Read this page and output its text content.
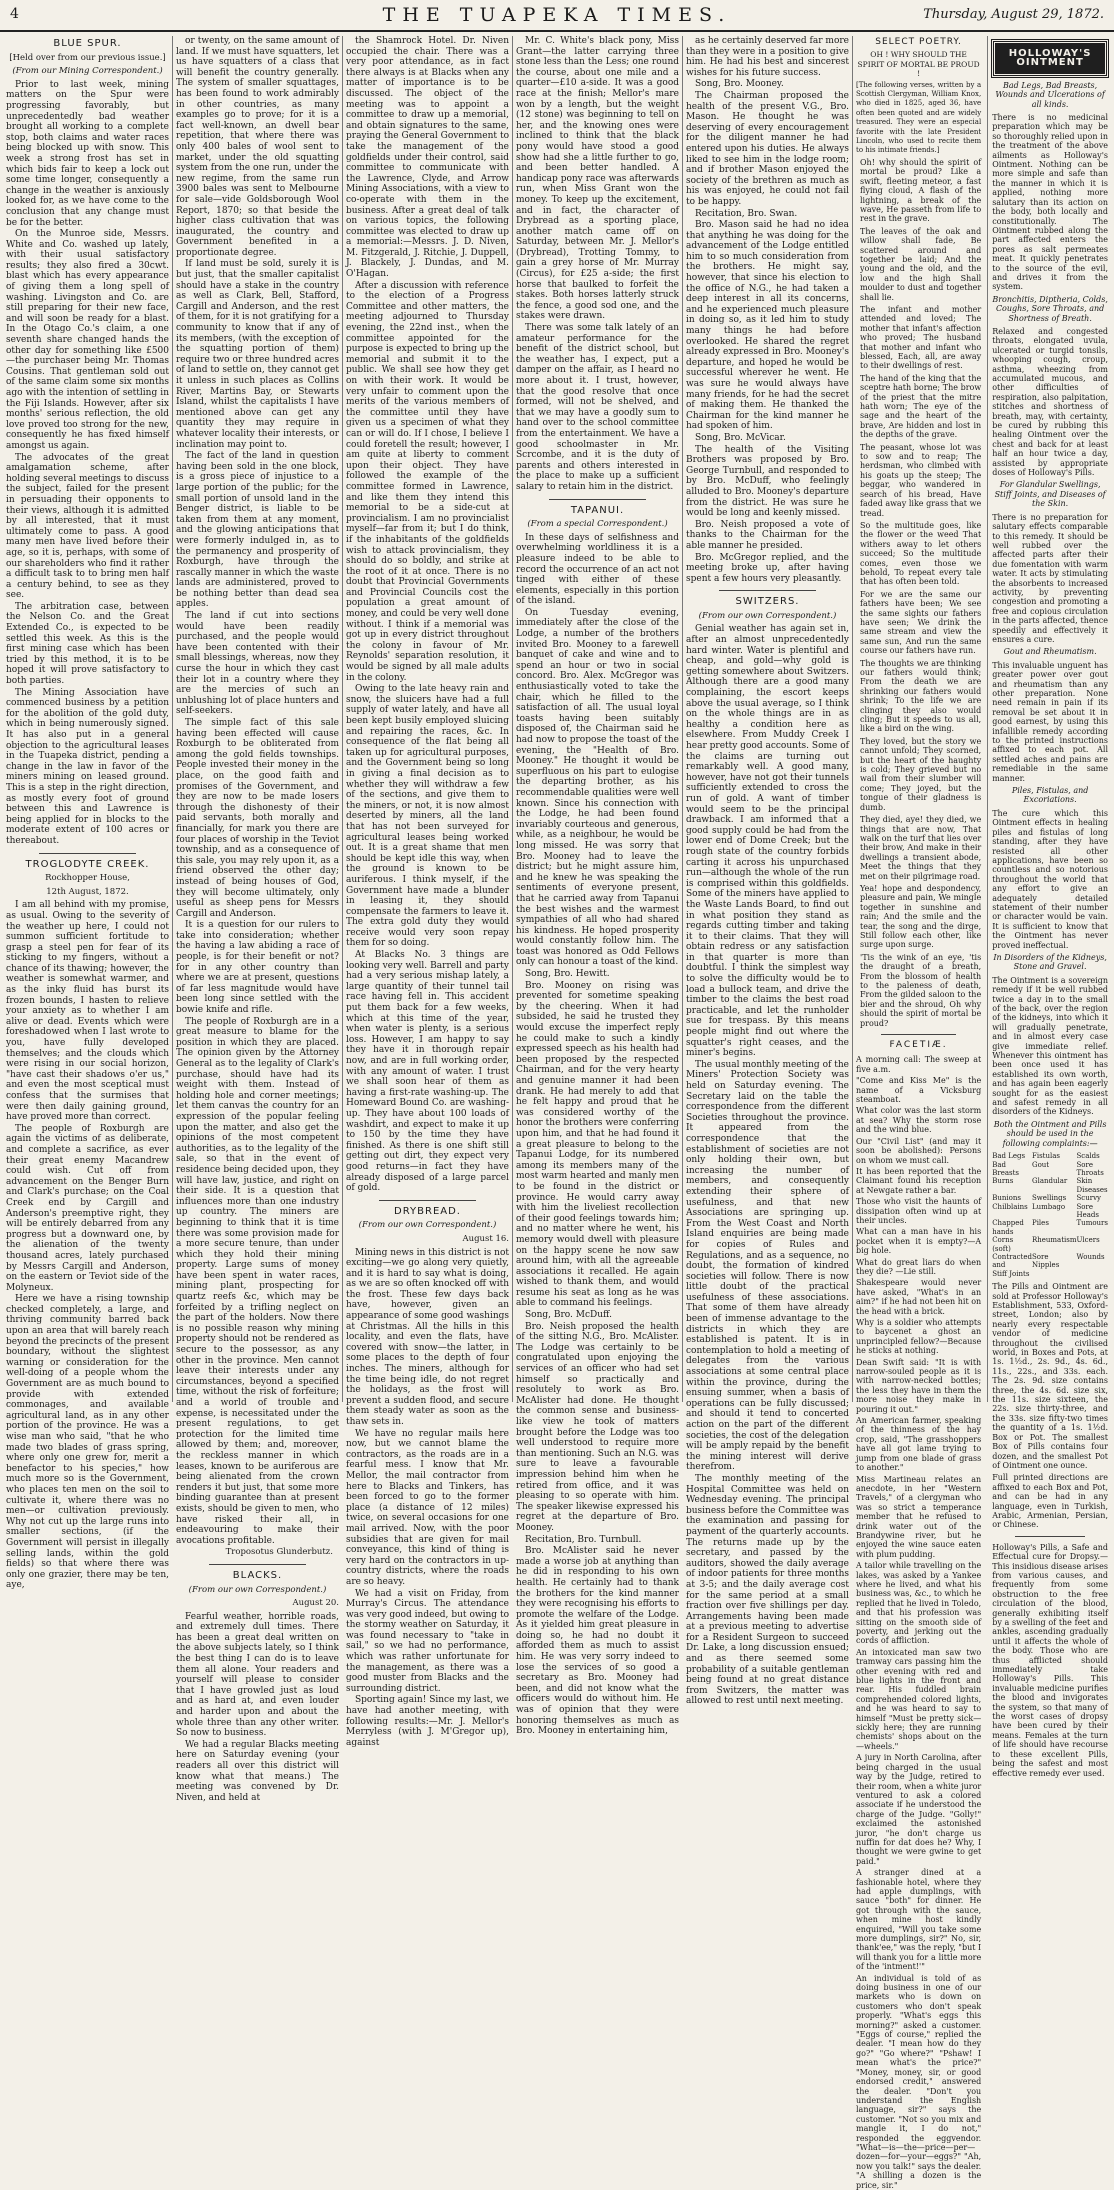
4	THE TUAPEKA TIMES.	Thursday, August 29, 1872.
BLUE SPUR.
[Held over from our previous issue.]
(From our Mining Correspondent.)

Prior to last week, mining matters on the Spur were progressing favorably, but unprecedentedly bad weather brought all working to a complete stop, both claims and water races being blocked up with snow. This week a strong frost has set in which bids fair to keep a lock out some time longer, consequently a change in the weather is anxiously looked for, as we have come to the conclusion that any change must be for the better.

On the Munroe side, Messrs. White and Co. washed up lately, with their usual satisfactory results; they also fired a 30cwt. blast which has every appearance of giving them a long spell of washing. Livingston and Co. are still preparing for their new face, and will soon be ready for a blast. In the Otago Co.'s claim, a one seventh share changed hands the other day for something like £500—the purchaser being Mr. Thomas Cousins. That gentleman sold out of the same claim some six months ago with the intention of settling in the Fiji Islands. However, after six months' serious reflection, the old love proved too strong for the new, consequently he has fixed himself amongst us again.

The advocates of the great amalgamation scheme, after holding several meetings to discuss the subject, failed for the present in persuading their opponents to their views, although it is admitted by all interested, that it must ultimately come to pass. A good many men have lived before their age, so it is, perhaps, with some of our shareholders who find it rather a difficult task to to bring men half a century behind, to see as they see.

The arbitration case, between the Nelson Co. and the Great Extended Co., is expected to be settled this week. As this is the first mining case which has been tried by this method, it is to be hoped it will prove satisfactory to both parties.

The Mining Association have commenced business by a petition for the abolition of the gold duty, which in being numerously signed. It has also put in a general objection to the agricultural leases in the Tuapeka district, pending a change in the law in favor of the miners mining on leased ground. This is a step in the right direction, as mostly every foot of ground between this and Lawrence is being applied for in blocks to the moderate extent of 100 acres or thereabout.

TROGLODYTE CREEK.
Rockhopper House,
12th August, 1872.

I am all behind with my promise, as usual. Owing to the severity of the weather up here, I could not summon sufficient fortitude to grasp a steel pen for fear of its sticking to my fingers, without a chance of its thawing; however, the weather is somewhat warmer, and as the inky fluid has burst its frozen bounds, I hasten to relieve your anxiety as to whether I am alive or dead. Events which were foreshadowed when I last wrote to you, have fully developed themselves; and the clouds which were rising in our social horizon, "have cast their shadows o'er us," and even the most sceptical must confess that the surmises that were then daily gaining ground, have proved more than correct.

The people of Roxburgh are again the victims of as deliberate, and complete a sacrifice, as ever their great enemy Macandrew could wish. Cut off from advancement on the Benger Burn and Clark's purchase; on the Coal Creek end by Cargill and Anderson's preemptive right, they will be entirely debarred from any progress but a downward one, by the alienation of the twenty thousand acres, lately purchased by Messrs Cargill and Anderson, on the eastern or Teviot side of the Molyneux.

Here we have a rising township checked completely, a large, and thriving community barred back upon an area that will barely reach beyond the precincts of the present boundary, without the slightest warning or consideration for the well-doing of a people whom the Government are as much bound to provide with extended commonages, and available agricultural land, as in any other portion of the province. He was a wise man who said, "that he who made two blades of grass spring, where only one grew for, merit a benefactor to his species," how much more so is the Government, who places ten men on the soil to cultivate it, where there was no men—or cultivation previously. Why not cut up the large runs into smaller sections, (if the Government will persist in illegally selling lands, within the gold fields) so that where there was only one grazier, there may be ten, aye,

or twenty, on the same amount of land. If we must have squatters, let us have squatters of a class that will benefit the country generally. The system of smaller squattages, has been found to work admirably in other countries, as many examples go to prove; for it is a fact well-known, an dwell bear repetition, that where there was only 400 bales of wool sent to market, under the old squatting system from the one run, under the new regime, from the same run 3900 bales was sent to Melbourne for sale—vide Goldsborough Wool Report, 1870; so that beside the higher class cultivation that was inaugurated, the country and Government benefited in a proportionate degree.

If land must be sold, surely it is but just, that the smaller capitalist should have a stake in the country as well as Clark, Bell, Stafford, Cargill and Anderson, and the rest of them, for it is not gratifying for a community to know that if any of its members, (with the exception of the squatting portion of them) require two or three hundred acres of land to settle on, they cannot get it unless in such places as Collins River, Martins Bay, or Stewarts Island, whilst the capitalists I have mentioned above can get any quantity they may require in whatever locality their interests, or inclination may point to.

The fact of the land in question having been sold in the one block, is a gross piece of injustice to a large portion of the public; for the small portion of unsold land in the Benger district, is liable to be taken from them at any moment, and the glowing anticipations that were formerly indulged in, as to the permanency and prosperity of Roxburgh, have through the rascally manner in which the waste lands are administered, proved to be nothing better than dead sea apples.

The land if cut into sections would have been readily purchased, and the people would have been contented with their small blessings, whereas, now they curse the hour in which they cast their lot in a country where they are the mercies of such an unblushing lot of place hunters and self-seekers.

The simple fact of this sale having been effected will cause Roxburgh to be obliterated from among the gold fields townships. People invested their money in the place, on the good faith and promises of the Government, and they are now to be made losers through the dishonesty of their paid servants, both morally and financially, for mark you there are four places of worship in the Teviot township, and as a consequence of this sale, you may rely upon it, as a friend observed the other day; instead of being houses of God, they will become ultimately, only useful as sheep pens for Messrs Cargill and Anderson.

It is a question for our rulers to take into consideration; whether the having a law abiding a race of people, is for their benefit or not? for in any other country than where we are at present, questions of far less magnitude would have been long since settled with the bowie knife and rifle.

The people of Roxburgh are in a great measure to blame for the position in which they are placed. The opinion given by the Attorney General as to the legality of Clark's purchase, should have had its weight with them. Instead of holding hole and corner meetings; let them canvas the country for an expression of the popular feeling upon the matter, and also get the opinions of the most competent authorities, as to the legality of the sale, so that in the event of residence being decided upon, they will have law, justice, and right on their side. It is a question that influences more than one industry up country. The miners are beginning to think that it is time there was some provision made for a more secure tenure, than under which they hold their mining property. Large sums of money have been spent in water races, mining plant, prospecting for quartz reefs &c, which may be forfeited by a trifling neglect on the part of the holders. Now there is no possible reason why mining property should not be rendered as secure to the possessor, as any other in the province. Men cannot leave their interests under any circumstances, beyond a specified time, without the risk of forfeiture; and a world of trouble and expense, is necessitated under the present regulations, to get protection for the limited time allowed by them; and, moreover, the reckless manner in which leases, known to be auriferous are being alienated from the crown renders it but just, that some more binding guarantee than at present exists, should be given to men, who have risked their all, in endeavouring to make their avocations profitable.

Troposotus Glunderbutz.
BLACKS.
(From our own Correspondent.)
August 20.

Fearful weather, horrible roads, and extremely dull times. There has been a great deal written on the above subjects lately, so I think the best thing I can do is to leave them all alone. Your readers and yourself will please to consider that I have growled just as loud and as hard at, and even louder and harder upon and about the whole three than any other writer. So now to business.

We had a regular Blacks meeting here on Saturday evening (your readers all over this district will know what that means.) The meeting was convened by Dr. Niven, and held at

the Shamrock Hotel. Dr. Niven occupied the chair. There was a very poor attendance, as in fact there always is at Blacks when any matter of importance is to be discussed. The object of the meeting was to appoint a committee to draw up a memorial, and obtain signatures to the same, praying the General Government to take the management of the goldfields under their control, said committee to communicate with the Lawrence, Clyde, and Arrow Mining Associations, with a view to co-operate with them in the business. After a great deal of talk on various topics, the following committee was elected to draw up a memorial:—Messrs. J. D. Niven, M. Fitzgerald, J. Ritchie, J. Duppell, J. Blackely, J. Dundas, and M. O'Hagan.

After a discussion with reference to the election of a Progress Committee and other matters, the meeting adjourned to Thursday evening, the 22nd inst., when the committee appointed for the purpose is expected to bring up the memorial and submit it to the public. We shall see how they get on with their work. It would be very unfair to comment upon the merits of the various members of the committee until they have given us a specimen of what they can or will do. If I chose, I believe I could foretell the result; however, I am quite at liberty to comment upon their object. They have followed the example of the committee formed in Lawrence, and like them they intend this memorial to be a side-cut at provincialism. I am no provincialist myself—far from it; but I do think, if the inhabitants of the goldfields wish to attack provincialism, they should do so boldly, and strike at the root of it at once. There is no doubt that Provincial Governments and Provincial Councils cost the population a great amount of money, and could be very well done without. I think if a memorial was got up in every district throughout the colony in favour of Mr. Reynolds' separation resolution, it would be signed by all male adults in the colony.

Owing to the late heavy rain and snow, the sluicers have had a full supply of water lately, and have all been kept busily employed sluicing and repairing the races, &c. In consequence of the flat being all taken up for agricultural purposes, and the Government being so long in giving a final decision as to whether they will withdraw a few of the sections, and give them to the miners, or not, it is now almost deserted by miners, all the land that has not been surveyed for agricultural leases being worked out. It is a great shame that men should be kept idle this way, when the ground is known to be auriferous. I think myself, if the Government have made a blunder in leasing it, they should compensate the farmers to leave it. The extra gold duty they would receive would very soon repay them for so doing.

At Blacks No. 3 things are looking very well. Barrell and party had a very serious mishap lately, a large quantity of their tunnel tail race having fell in. This accident put them back for a few weeks, which at this time of the year, when water is plenty, is a serious loss. However, I am happy to say they have it in thorough repair now, and are in full working order, with any amount of water. I trust we shall soon hear of them as having a first-rate washing-up. The Homeward Bound Co. are washing-up. They have about 100 loads of washdirt, and expect to make it up to 150 by the time they have finished. As there is one shift still getting out dirt, they expect very good returns—in fact they have already disposed of a large parcel of gold.

DRYBREAD.
(From our own Correspondent.)
August 16.

Mining news in this district is not exciting—we go along very quietly, and it is hard to say what is doing, as we are so often knocked off with the frost. These few days back have, however, given an appearance of some good washings at Christmas. All the hills in this locality, and even the flats, have covered with snow—the latter, in some places to the depth of four inches. The miners, although for the time being idle, do not regret the holidays, as the frost will prevent a sudden flood, and secure them steady water as soon as the thaw sets in.

We have no regular mails here now, but we cannot blame the contractors, as the roads are in a fearful mess. I know that Mr. Mellor, the mail contractor from here to Blacks and Tinkers, has been forced to go to the former place (a distance of 12 miles) twice, on several occasions for one mail arrived. Now, with the poor subsidies that are given for mail conveyance, this kind of thing is very hard on the contractors in up-country districts, where the roads are so heavy.

We had a visit on Friday, from Murray's Circus. The attendance was very good indeed, but owing to the stormy weather on Saturday, it was found necessary to "take in sail," so we had no performance, which was rather unfortunate for the management, as there was a good muster from Blacks and the surrounding district.

Sporting again! Since my last, we have had another meeting, with following results:—Mr. J. Mellor's Merryless (with J. M'Gregor up), against

Mr. C. White's black pony, Miss Grant—the latter carrying three stone less than the Less; one round the course, about one mile and a quarter—£10 a-side. It was a good race at the finish; Mellor's mare won by a length, but the weight (12 stone) was beginning to tell on her, and the knowing ones were inclined to think that the black pony would have stood a good show had she a little further to go, and been better handled. A handicap pony race was afterwards run, when Miss Grant won the money. To keep up the excitement, and in fact, the character of Drybread as a sporting place, another match came off on Saturday, between Mr. J. Mellor's (Drybread), Trotting Tommy, to gain a grey horse of Mr. Murray (Circus), for £25 a-side; the first horse that baulked to forfeit the stakes. Both horses latterly struck the fence, a good sod one, and the stakes were drawn.

There was some talk lately of an amateur performance for the benefit of the district school, but the weather has, I expect, put a damper on the affair, as I heard no more about it. I trust, however, that the good resolve that once formed, will not be shelved, and that we may have a goodly sum to hand over to the school committee from the entertainment. We have a good schoolmaster in Mr. Scrcombe, and it is the duty of parents and others interested in the place to make up a sufficient salary to retain him in the district.

TAPANUI.
(From a special Correspondent.)

In these days of selfishness and overwhelming worldliness it is a pleasure indeed to be able to record the occurrence of an act not tinged with either of these elements, especially in this portion of the island.

On Tuesday evening, immediately after the close of the Lodge, a number of the brothers invited Bro. Mooney to a farewell banquet of cake and wine and to spend an hour or two in social concord. Bro. Alex. McGregor was enthusiastically voted to take the chair, which he filled to the satisfaction of all. The usual loyal toasts having been suitably disposed of, the Chairman said he had now to propose the toast of the evening, the "Health of Bro. Mooney." He thought it would be superfluous on his part to eulogise the departing brother, as his recommendable qualities were well known. Since his connection with the Lodge, he had been found invariably courteous and generous, while, as a neighbour, he would be long missed. He was sorry that Bro. Mooney had to leave the district; but he might assure him, and he knew he was speaking the sentiments of everyone present, that he carried away from Tapanui the best wishes and the warmest sympathies of all who had shared his kindness. He hoped prosperity would constantly follow him. The toast was honored as Odd Fellows only can honour a toast of the kind.

Song, Bro. Hewitt.

Bro. Mooney on rising was prevented for sometime speaking by the cheering. When it had subsided, he said he trusted they would excuse the imperfect reply he could make to such a kindly expressed speech as his health had been proposed by the respected Chairman, and for the very hearty and genuine manner it had been drank. He had merely to add that he felt happy and proud that he was considered worthy of the honor the brothers were conferring upon him, and that he had found it a great pleasure to belong to the Tapanui Lodge, for its numbered among its members many of the most warm hearted and manly men to be found in the district or province. He would carry away with him the liveliest recollection of their good feelings towards him; and no matter where he went, his memory would dwell with pleasure on the happy scene he now saw around him, with all the agreeable associations it recalled. He again wished to thank them, and would resume his seat as long as he was able to command his feelings.

Song, Bro. McDuff.

Bro. Neish proposed the health of the sitting N.G., Bro. McAlister. The Lodge was certainly to be congratulated upon enjoying the services of an officer who had set himself so practically and resolutely to work as Bro. McAlister had done. He thought the common sense and business-like view he took of matters brought before the Lodge was too well understood to require more than mentioning. Such an N.G. was sure to leave a favourable impression behind him when he retired from office, and it was pleasing to so operate with him. The speaker likewise expressed his regret at the departure of Bro. Mooney.

Recitation, Bro. Turnbull.

Bro. McAlister said he never made a worse job at anything than he did in responding to his own health. He certainly had to thank the brothers for the kind manner they were recognising his efforts to promote the welfare of the Lodge. As it yielded him great pleasure in doing so, he had no doubt it afforded them as much to assist him. He was very sorry indeed to lose the services of so good a secretary as Bro. Mooney had been, and did not know what the officers would do without him. He was of opinion that they were honoring themselves as much as Bro. Mooney in entertaining him,

as he certainly deserved far more than they were in a position to give him. He had his best and sincerest wishes for his future success.

Song, Bro. Mooney.

The Chairman proposed the health of the present V.G., Bro. Mason. He thought he was deserving of every encouragement for the diligent manner he had entered upon his duties. He always liked to see him in the lodge room; and if brother Mason enjoyed the society of the brethren as much as his was enjoyed, he could not fail to be happy.

Recitation, Bro. Swan.

Bro. Mason said he had no idea that anything he was doing for the advancement of the Lodge entitled him to so much consideration from the brothers. He might say, however, that since his election to the office of N.G., he had taken a deep interest in all its concerns, and he experienced much pleasure in doing so, as it led him to study many things he had before overlooked. He shared the regret already expressed in Bro. Mooney's departure, and hoped he would be successful wherever he went. He was sure he would always have many friends, for he had the secret of making them. He thanked the Chairman for the kind manner he had spoken of him.

Song, Bro. McVicar.

The health of the Visiting Brothers was proposed by Bro. George Turnbull, and responded to by Bro. McDuff, who feelingly alluded to Bro. Mooney's departure from the district. He was sure he would be long and keenly missed.

Bro. Neish proposed a vote of thanks to the Chairman for the able manner he presided.

Bro. McGregor replied, and the meeting broke up, after having spent a few hours very pleasantly.

SWITZERS.
(From our own Correspondent.)

Genial weather has again set in, after an almost unprecedentedly hard winter. Water is plentiful and cheap, and gold—why gold is getting somewhere about Switzers. Although there are a good many complaining, the escort keeps above the usual average, so I think on the whole things are in as healthy a condition here as elsewhere. From Muddy Creek I hear pretty good accounts. Some of the claims are turning out remarkably well. A good many, however, have not got their tunnels sufficiently extended to cross the run of gold. A want of timber would seem to be the principal drawback. I am informed that a good supply could be had from the lower end of Dome Creek; but the rough state of the country forbids carting it across his unpurchased run—although the whole of the run is comprised within this goldfields. Some of the miners have applied to the Waste Lands Board, to find out in what position they stand as regards cutting timber and taking it to their claims. That they will obtain redress or any satisfaction in that quarter is more than doubtful. I think the simplest way to solve the difficulty would be to load a bullock team, and drive the timber to the claims the best road practicable, and let the runholder sue for trespass. By this means people might find out where the squatter's right ceases, and the miner's begins.

The usual monthly meeting of the Miners' Protection Society was held on Saturday evening. The Secretary laid on the table the correspondence from the different Societies throughout the province. It appeared from the correspondence that the establishment of societies are not only holding their own, but increasing the number of members, and consequently extending their sphere of usefulness, and that new Associations are springing up. From the West Coast and North Island enquiries are being made for copies of Rules and Regulations, and as a sequence, no doubt, the formation of kindred societies will follow. There is now little doubt of the practical usefulness of these associations. That some of them have already been of immense advantage to the districts in which they are established is patent. It is in contemplation to hold a meeting of delegates from the various associations at some central place within the province, during the ensuing summer, when a basis of operations can be fully discussed; and should it tend to concerted action on the part of the different societies, the cost of the delegation will be amply repaid by the benefit the mining interest will derive therefrom.

The monthly meeting of the Hospital Committee was held on Wednesday evening. The principal business before the Committee was the examination and passing for payment of the quarterly accounts. The returns made up by the secretary, and passed by the auditors, showed the daily average of indoor patients for three months at 3-5; and the daily average cost for the same period at a small fraction over five shillings per day. Arrangements having been made at a previous meeting to advertise for a Resident Surgeon to succeed Dr. Lake, a long discussion ensued; and as there seemed some probability of a suitable gentleman being found at no great distance from Switzers, the matter was allowed to rest until next meeting.

SELECT POETRY.
OH ! WHY SHOULD THE SPIRIT OF MORTAL BE PROUD !
[The following verses, written by a Scottish Clergyman, William Knox, who died in 1825, aged 36, have often been quoted and are widely treasured. They were an especial favorite with the late President Lincoln, who used to recite them to his intimate friends.]
Oh! why should the spirit of mortal be proud? Like a swift, fleeting meteor, a fast flying cloud, A flash of the lightning, a break of the wave, He passeth from life to rest in the grave.
The leaves of the oak and willow shall fade, Be scattered around and together be laid; And the young and the old, and the low and the high Shall moulder to dust and together shall lie.
The infant and mother attended and loved; The mother that infant's affection who proved; The husband that mother and infant who blessed, Each, all, are away to their dwellings of rest.
The hand of the king that the sceptre hath borne; The brow of the priest that the mitre hath worn; The eye of the sage and the heart of the brave, Are hidden and lost in the depths of the grave.
The peasant, whose lot was to sow and to reap; The herdsman, who climbed with his goats up the steep; The beggar, who wandered in search of his bread, Have faded away like grass that we tread.
So the multitude goes, like the flower or the weed That withers away to let others succeed; So the multitude comes, even those we behold, To repeat every tale that has often been told.
For we are the same our fathers have been; We see the same sights our fathers have seen; We drink the same stream and view the same sun, And run the same course our fathers have run.
The thoughts we are thinking our fathers would think; From the death we are shrinking our fathers would shrink; To the life we are clinging they also would cling; But it speeds to us all, like a bird on the wing.
They loved, but the story we cannot unfold; They scorned, but the heart of the haughty is cold; They grieved but no wail from their slumber will come; They joyed, but the tongue of their gladness is dumb.
They died, aye! they died, we things that are now, That walk on the turf that lies over their brow, And make in their dwellings a transient abode, Meet the things that they met on their pilgrimage road.
Yea! hope and despondency, pleasure and pain, We mingle together in sunshine and rain; And the smile and the tear, the song and the dirge, Still follow each other, like surge upon surge.
'Tis the wink of an eye, 'tis the draught of a breath, From the blossom of health to the paleness of death, From the gilded saloon to the bier and the shroud, Oh why should the spirit of mortal be proud?
FACETIÆ.
A morning call: The sweep at five a.m.
"Come and Kiss Me" is the name of a Vicksburg steamboat.
What color was the last storm at sea? Why the storm rose and the wind blue.
Our "Civil List" (and may it soon be abolished): Persons on whom we must call.
It has been reported that the Claimant found his reception at Newgate rather a bar.
Those who visit the haunts of dissipation often wind up at their uncles.
What can a man have in his pocket when it is empty?—A big hole.
What do great liars do when they die? —Lie still.
Shakespeare would never have asked, "What's in an aim?" if he had not been hit on the head with a brick.
Why is a soldier who attempts to baycenet a ghost an unprincipled fellow?—Because he sticks at nothing.
Dean Swift said: "It is with narrow-souled people as it is with narrow-necked bottles; the less they have in them the more noise they make in pouring it out."
An American farmer, speaking of the thinness of the hay crop, said, "The grasshoppers have all got lame trying to jump from one blade of grass to another."
Miss Martineau relates an anecdote, in her "Western Travels," of a clergyman who was so strict a temperance member that he refused to drink water out of the Brandywine river, but he enjoyed the wine sauce eaten with plum pudding.
A tailor while travelling on the lakes, was asked by a Yankee where he lived, and what his business was, &c., to which he replied that he lived in Toledo, and that his profession was sitting on the smooth side of poverty, and jerking out the cords of affliction.
An intoxicated man saw two tramway cars passing him the other evening with red and blue lights in the front and rear. His fuddled brain comprehended colored lights, and he was heard to say to himself "Must be pretty sick—sickly here; they are running chemists' shops about on the—wheels."
A jury in North Carolina, after being charged in the usual way by the Judge, retired to their room, when a white juror ventured to ask a colored associate if he understood the charge of the Judge. "Golly!" exclaimed the astonished juror, "he don't charge us nuffin for dat does he? Why, I thought we were gwine to get paid."
A stranger dined at a fashionable hotel, where they had apple dumplings, with sauce "both" for dinner. He got through with the sauce, when mine host kindly enquired, "Will you take some more dumplings, sir?" No, sir, thank'ee," was the reply, "but I will thank you for a little more of the 'intment!'"
An individual is told of as doing business in one of our markets who is down on customers who don't speak properly. "What's eggs this morning?" asked a customer. "Eggs of course," replied the dealer. "I mean how do they go?" "Go where?" "Pshaw! I mean what's the price?" "Money, money, sir, or good endorsed credit," answered the dealer. "Don't you understand the English language, sir?" says the customer. "Not so you mix and mangle it, I do not," responded the eggvendor. "What—is—the—price—per—dozen—for—your—eggs?" "Ah, now you talk!" says the dealer. "A shilling a dozen is the price, sir."
HOLLOWAY'S OINTMENT
Bad Legs, Bad Breasts, Wounds and Ulcerations of all kinds.
There is no medicinal preparation which may be so thoroughly relied upon in the treatment of the above ailments as Holloway's Ointment. Nothing can be more simple and safe than the manner in which it is applied, nothing more salutary than its action on the body, both locally and constitutionally. The Ointment rubbed along the part affected enters the pores as salt permeates meat. It quickly penetrates to the source of the evil, and drives it from the system.
Bronchitis, Diptheria, Colds, Coughs, Sore Throats, and Shortness of Breath.
Relaxed and congested throats, elongated uvula, ulcerated or turgid tonsils, whooping cough, croup, asthma, wheezing from accumulated mucous, and other difficulties of respiration, also palpitation, stitches and shortness of breath, may, with certainty, be cured by rubbing this healing Ointment over the chest and back for at least half an hour twice a day, assisted by appropriate doses of Holloway's Pills.
For Glandular Swellings, Stiff Joints, and Diseases of the Skin.
There is no preparation for salutary effects comparable to this remedy. It should be well rubbed over the affected parts after their due fomentation with warm water. It acts by stimulating the absorbents to increased activity, by preventing congestion and promoting a free and copious circulation in the parts affected, thence speedily and effectively it ensures a cure.
Gout and Rheumatism.
This invaluable unguent has greater power over gout and rheumatism than any other preparation. None need remain in pain if its removal be set about it in good earnest, by using this infallible remedy according to the printed instructions affixed to each pot. All settled aches and pains are remediable in the same manner.
Piles, Fistulas, and Excoriations.
The cure which this Ointment effects in healing piles and fistulas of long standing, after they have resisted all other applications, have been so countless and so notorious throughout the world that any effort to give an adequately detailed statement of their number or character would be vain. It is sufficient to know that the Ointment has never proved ineffectual.
In Disorders of the Kidneys, Stone and Gravel.
The Ointment is a sovereign remedy if it be well rubbed twice a day in to the small of the back, over the region of the kidneys, into which it will gradually penetrate, and in almost every case give immediate relief. Whenever this ointment has been once used it has established its own worth, and has again been eagerly sought for as the easiest and safest remedy in all disorders of the Kidneys.
Both the Ointment and Pills should be used in the following complaints:—
Bad Legs Fistulas	Scalds
Bad Breasts
Gout	Sore Throats
Burns	Glandular	Skin Diseases
Bunions	Swellings	Scurvy
Chilblains Lumbago	Sore Heads
Chapped hands
Piles	Tumours
Corns (soft)
Rheumatism Ulcers
Contracted and
Sore Nipples
Wounds
Stiff Joints
The Pills and Ointment are sold at Professor Holloway's Establishment, 533, Oxford-street, London; also by nearly every respectable vendor of medicine throughout the civilised world, in Boxes and Pots, at 1s. 1½d., 2s. 9d., 4s. 6d., 11s., 22s., and 33s. each. The 2s. 9d. size contains three, the 4s. 6d. size six, the 11s. size sixteen, the 22s. size thirty-three, and the 33s. size fifty-two times the quantity of a 1s. 1½d. Box or Pot. The smallest Box of Pills contains four dozen, and the smallest Pot of Ointment one ounce.
Full printed directions are affixed to each Box and Pot, and can be had in any language, even in Turkish, Arabic, Armenian, Persian, or Chinese.
Holloway's Pills, a Safe and Effectual cure for Dropsy.—This insidious disease arises from various causes, and frequently from some obstruction to the free circulation of the blood, generally exhibiting itself by a swelling of the feet and ankles, ascending gradually until it affects the whole of the body. Those who are thus afflicted should immediately take Holloway's Pills. This invaluable medicine purifies the blood and invigorates the system, so that many of the worst cases of dropsy have been cured by their means. Females at the turn of life should have recourse to these excellent Pills, being the safest and most effective remedy ever used.
